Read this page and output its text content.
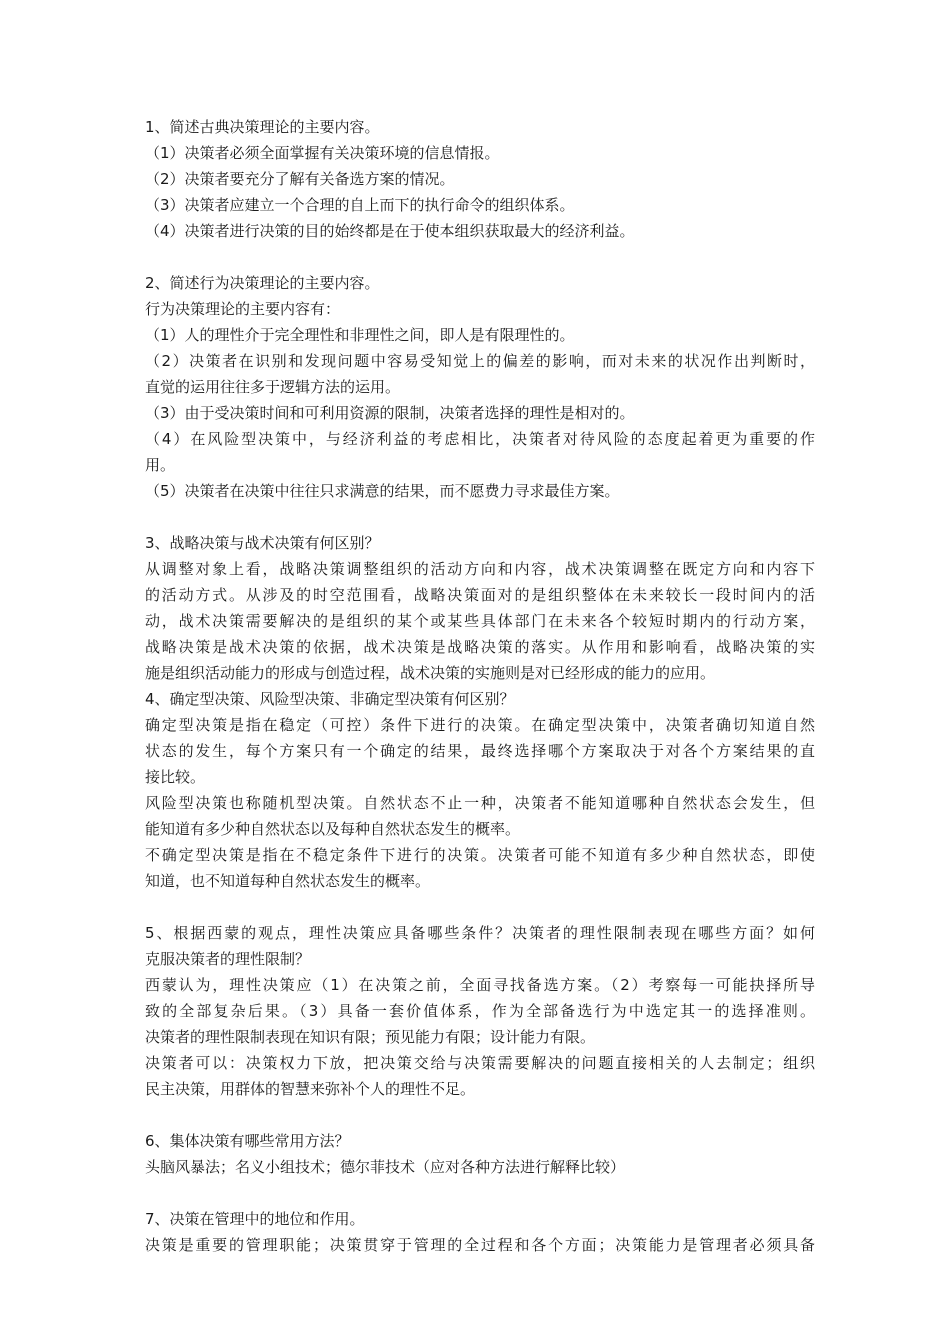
1、简述古典决策理论的主要内容。
（1）决策者必须全面掌握有关决策环境的信息情报。
（2）决策者要充分了解有关备选方案的情况。
（3）决策者应建立一个合理的自上而下的执行命令的组织体系。
（4）决策者进行决策的目的始终都是在于使本组织获取最大的经济利益。
2、简述行为决策理论的主要内容。
行为决策理论的主要内容有：
（1）人的理性介于完全理性和非理性之间，即人是有限理性的。
（2）决策者在识别和发现问题中容易受知觉上的偏差的影响，而对未来的状况作出判断时，
直觉的运用往往多于逻辑方法的运用。
（3）由于受决策时间和可利用资源的限制，决策者选择的理性是相对的。
（4）在风险型决策中，与经济利益的考虑相比，决策者对待风险的态度起着更为重要的作
用。
（5）决策者在决策中往往只求满意的结果，而不愿费力寻求最佳方案。
3、战略决策与战术决策有何区别？
从调整对象上看，战略决策调整组织的活动方向和内容，战术决策调整在既定方向和内容下
的活动方式。从涉及的时空范围看，战略决策面对的是组织整体在未来较长一段时间内的活
动，战术决策需要解决的是组织的某个或某些具体部门在未来各个较短时期内的行动方案，
战略决策是战术决策的依据，战术决策是战略决策的落实。从作用和影响看，战略决策的实
施是组织活动能力的形成与创造过程，战术决策的实施则是对已经形成的能力的应用。
4、确定型决策、风险型决策、非确定型决策有何区别？
确定型决策是指在稳定（可控）条件下进行的决策。在确定型决策中，决策者确切知道自然
状态的发生，每个方案只有一个确定的结果，最终选择哪个方案取决于对各个方案结果的直
接比较。
风险型决策也称随机型决策。自然状态不止一种，决策者不能知道哪种自然状态会发生，但
能知道有多少种自然状态以及每种自然状态发生的概率。
不确定型决策是指在不稳定条件下进行的决策。决策者可能不知道有多少种自然状态，即使
知道，也不知道每种自然状态发生的概率。
5、根据西蒙的观点，理性决策应具备哪些条件？决策者的理性限制表现在哪些方面？如何
克服决策者的理性限制？
西蒙认为，理性决策应（1）在决策之前，全面寻找备选方案。（2）考察每一可能抉择所导
致的全部复杂后果。（3）具备一套价值体系，作为全部备选行为中选定其一的选择准则。
决策者的理性限制表现在知识有限；预见能力有限；设计能力有限。
决策者可以：决策权力下放，把决策交给与决策需要解决的问题直接相关的人去制定；组织
民主决策，用群体的智慧来弥补个人的理性不足。
6、集体决策有哪些常用方法？
头脑风暴法；名义小组技术；德尔菲技术（应对各种方法进行解释比较）
7、决策在管理中的地位和作用。
决策是重要的管理职能；决策贯穿于管理的全过程和各个方面；决策能力是管理者必须具备
